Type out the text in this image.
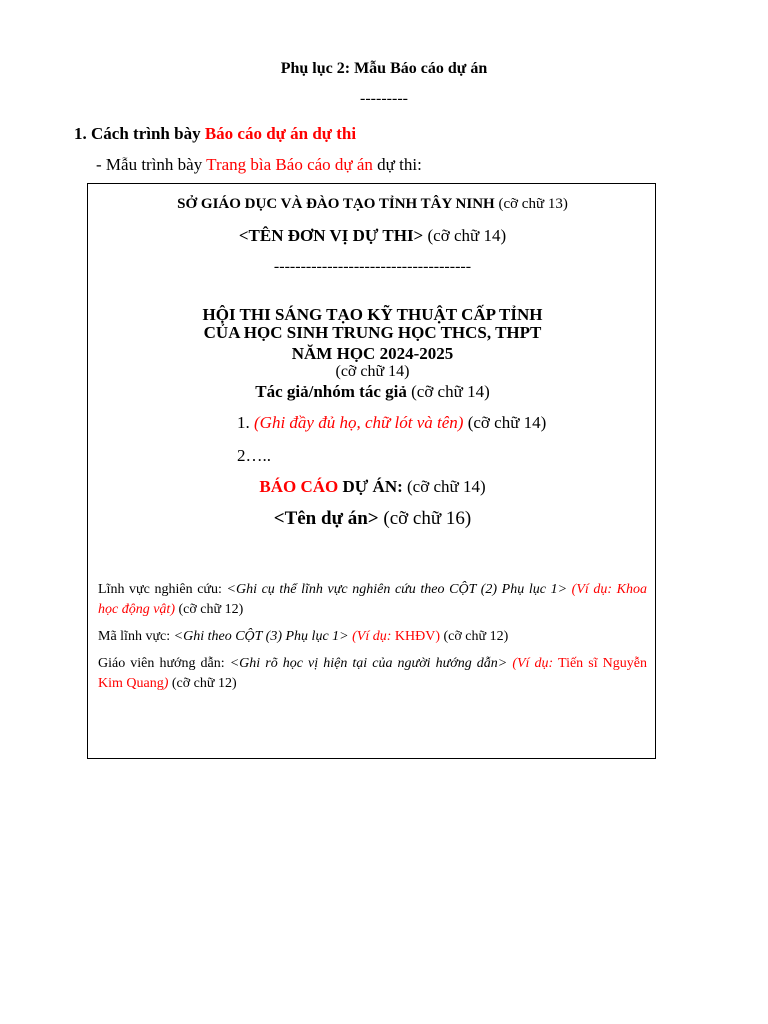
Phụ lục 2: Mẫu Báo cáo dự án
---------
1. Cách trình bày Báo cáo dự án dự thi
- Mẫu trình bày Trang bìa Báo cáo dự án dự thi:
SỞ GIÁO DỤC VÀ ĐÀO TẠO TỈNH TÂY NINH (cỡ chữ 13)
<TÊN ĐƠN VỊ DỰ THI> (cỡ chữ 14)
-------------------------------------
HỘI THI SÁNG TẠO KỸ THUẬT CẤP TỈNH
CỦA HỌC SINH TRUNG HỌC THCS, THPT
NĂM HỌC 2024-2025
(cỡ chữ 14)
Tác giả/nhóm tác giả (cỡ chữ 14)
1. (Ghi đầy đủ họ, chữ lót và tên) (cỡ chữ 14)
2…..
BÁO CÁO DỰ ÁN: (cỡ chữ 14)
<Tên dự án> (cỡ chữ 16)
Lĩnh vực nghiên cứu: <Ghi cụ thể lĩnh vực nghiên cứu theo CỘT (2) Phụ lục 1> (Ví dụ: Khoa học động vật) (cỡ chữ 12)
Mã lĩnh vực: <Ghi theo CỘT (3) Phụ lục 1> (Ví dụ: KHĐV) (cỡ chữ 12)
Giáo viên hướng dẫn: <Ghi rõ học vị hiện tại của người hướng dẫn> (Ví dụ: Tiến sĩ Nguyễn Kim Quang) (cỡ chữ 12)
